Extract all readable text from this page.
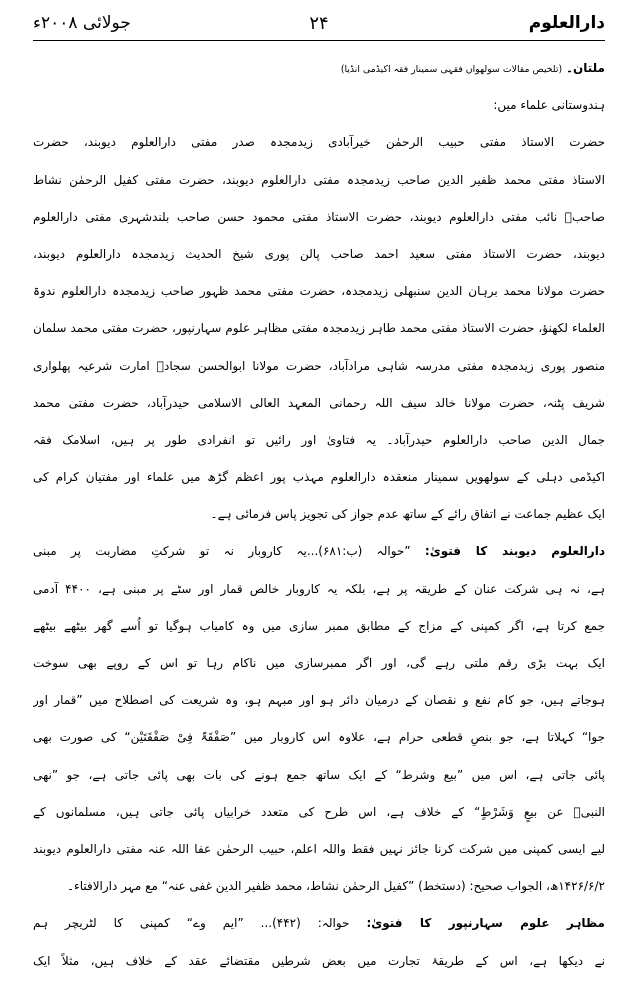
دارالعلوم
۲۴
جولائی ۲۰۰۸ء
ملتان۔ (تلخیص مقالات سولھواں فقہی سمینار فقہ اکیڈمی انڈیا)
ہندوستانی علماء میں:
حضرت الاستاذ مفتی حبیب الرحمٰن خیرآبادی زیدمجدہ صدر مفتی دارالعلوم دیوبند، حضرت
الاستاذ مفتی محمد ظفیر الدین صاحب زیدمجدہ مفتی دارالعلوم دیوبند، حضرت مفتی کفیل الرحمٰن نشاط
صاحبؒ نائب مفتی دارالعلوم دیوبند، حضرت الاستاذ مفتی محمود حسن صاحب بلندشہری مفتی دارالعلوم
دیوبند، حضرت الاستاذ مفتی سعید احمد صاحب پالن پوری شیخ الحدیث زیدمجدہ دارالعلوم دیوبند،
حضرت مولانا محمد برہان الدین سنبھلی زیدمجدہ، حضرت مفتی محمد ظہور صاحب زیدمجدہ دارالعلوم ندوۃ
العلماء لکھنؤ، حضرت الاستاذ مفتی محمد طاہر زیدمجدہ مفتی مظاہر علوم سہارنپور، حضرت مفتی محمد سلمان
منصور پوری زیدمجدہ مفتی مدرسہ شاہی مرادآباد، حضرت مولانا ابوالحسن سجادؒ امارت شرعیہ پھلواری
شریف پٹنہ، حضرت مولانا خالد سیف اللہ رحمانی المعہد العالی الاسلامی حیدرآباد، حضرت مفتی محمد
جمال الدین صاحب دارالعلوم حیدرآباد۔ یہ فتاویٰ اور رائیں تو انفرادی طور پر ہیں، اسلامک فقہ
اکیڈمی دہلی کے سولھویں سمینار منعقدہ دارالعلوم مہذب پور اعظم گڑھ میں علماء اور مفتیان کرام کی
ایک عظیم جماعت نے اتفاق رائے کے ساتھ عدم جواز کی تجویز پاس فرمائی ہے۔
دارالعلوم دیوبند کا فتویٰ: ”حوالہ (ب:۶۸۱)...یہ کاروبار نہ تو شرکتِ مضاربت پر مبنی
ہے، نہ ہی شرکت عنان کے طریقہ پر ہے، بلکہ یہ کاروبار خالص قمار اور سٹے پر مبنی ہے، ۴۴۰۰ آدمی
جمع کرتا ہے، اگر کمپنی کے مزاج کے مطابق ممبر سازی میں وہ کامیاب ہوگیا تو اُسے گھر بیٹھے بیٹھے
ایک بہت بڑی رقم ملتی رہے گی، اور اگر ممبرسازی میں ناکام رہا تو اس کے روپے بھی سوخت
ہوجاتے ہیں، جو کام نفع و نقصان کے درمیان دائر ہو اور مبہم ہو، وہ شریعت کی اصطلاح میں ”قمار اور
جوا“ کہلاتا ہے، جو بنصِ قطعی حرام ہے، علاوہ اس کاروبار میں ”صَفْقَۃٌ فِیْ صَفْقَتَیْن“ کی صورت بھی
پائی جاتی ہے، اس میں ”بیع وشرط“ کے ایک ساتھ جمع ہونے کی بات بھی پائی جاتی ہے، جو ”نھی
النبیؐ عن بیعٍ وَشَرْطٍ“ کے خلاف ہے، اس طرح کی متعدد خرابیاں پائی جاتی ہیں، مسلمانوں کے
لیے ایسی کمپنی میں شرکت کرنا جائز نہیں فقط واللہ اعلم، حبیب الرحمٰن عفا اللہ عنہ مفتی دارالعلوم دیوبند
۱۴۲۶/۶/۲ھ، الجواب صحیح: (دستخط) ”کفیل الرحمٰن نشاط، محمد ظفیر الدین غفی عنہ“ مع مہر دارالافتاء۔
مظاہر علوم سہارنپور کا فتویٰ: حوالہ: (۴۴۲)... ”ایم وے“ کمپنی کا لٹریچر ہم
نے دیکھا ہے، اس کے طریقۂ تجارت میں بعض شرطیں مقتضائے عقد کے خلاف ہیں، مثلاً ایک
